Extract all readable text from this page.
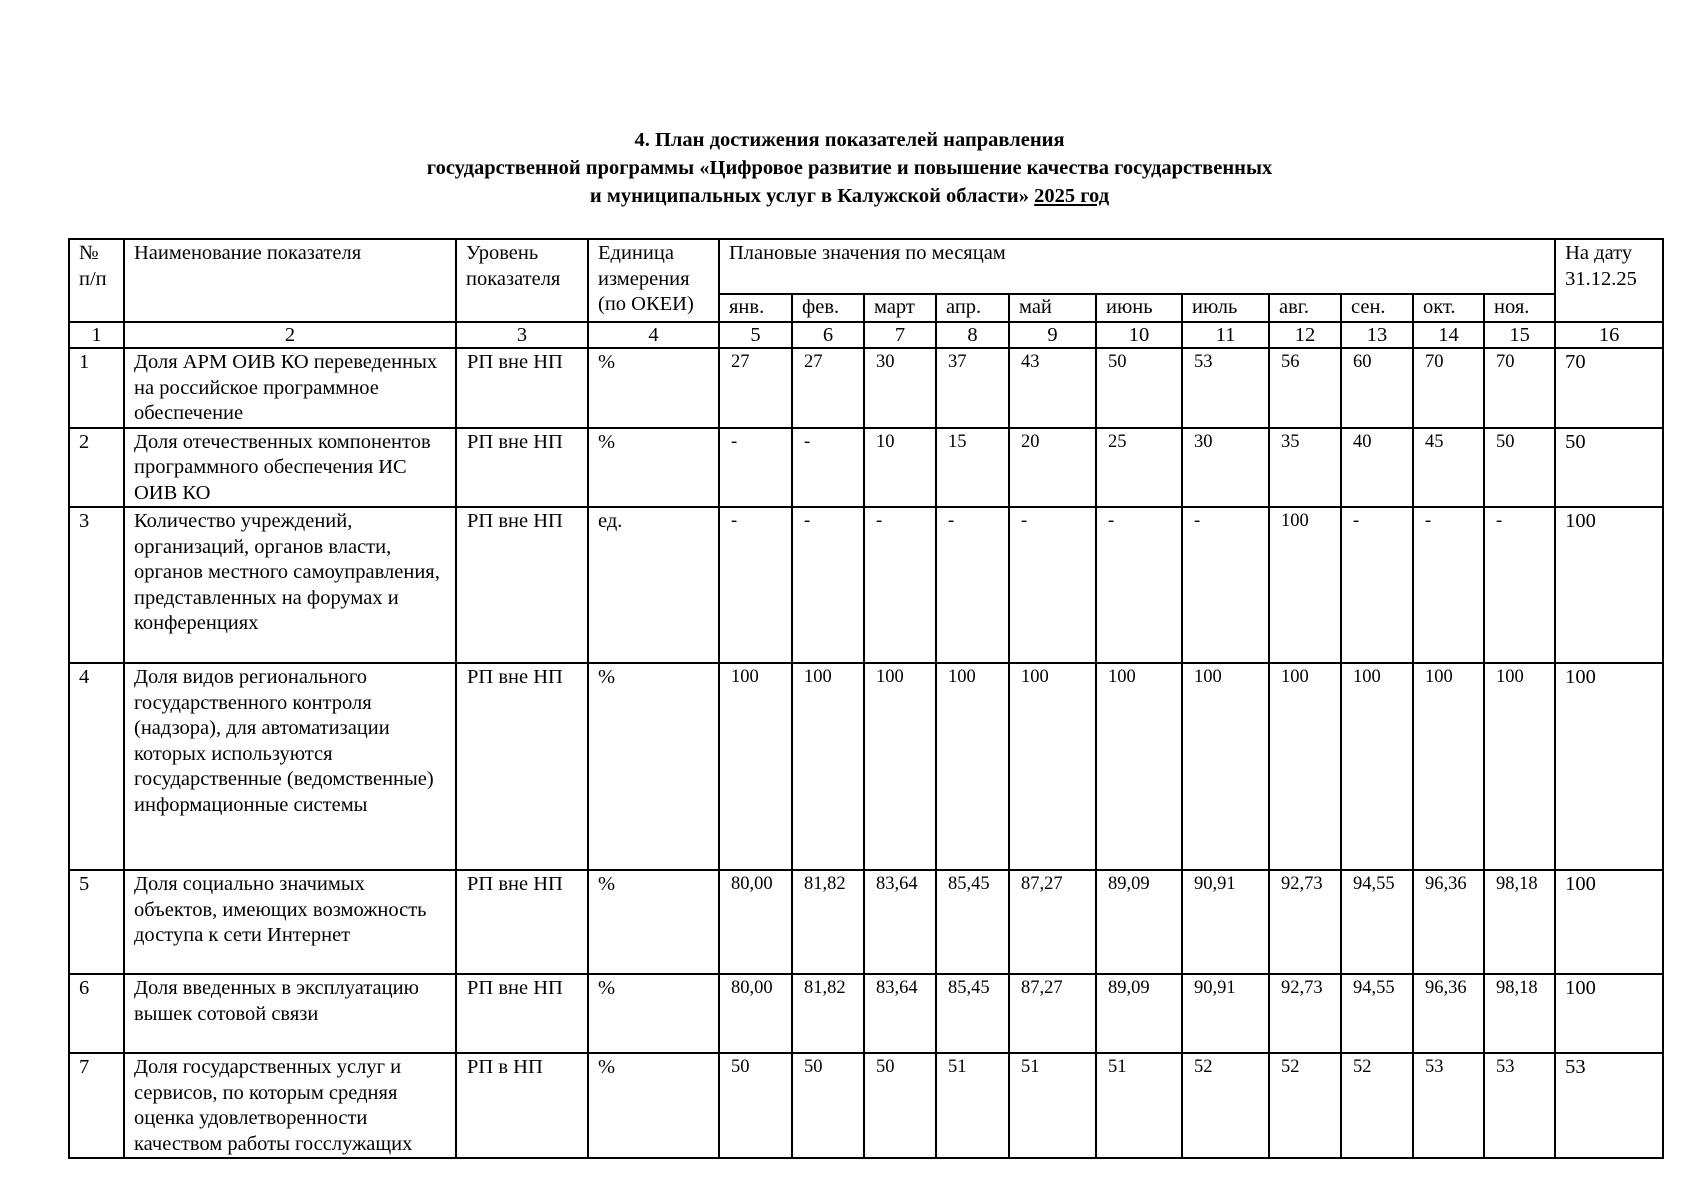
4. План достижения показателей направления
государственной программы «Цифровое развитие и повышение качества государственных
и муниципальных услуг в Калужской области» 2025 год
№ п/п	Наименование показателя	Уровень показателя	Единица измерения (по ОКЕИ)	Плановые значения по месяцам											На дату 31.12.25
				янв.	фев.	март	апр.	май	июнь	июль	авг.	сен.	окт.	ноя.	
1	2	3	4	5	6	7	8	9	10	11	12	13	14	15	16
1	Доля АРМ ОИВ КО переведенных на российское программное обеспечение	РП вне НП	%	27	27	30	37	43	50	53	56	60	70	70	70
2	Доля отечественных компонентов программного обеспечения ИС ОИВ КО	РП вне НП	%	-	-	10	15	20	25	30	35	40	45	50	50
3	Количество учреждений, организаций, органов власти, органов местного самоуправления, представленных на форумах и конференциях	РП вне НП	ед.	-	-	-	-	-	-	-	100	-	-	-	100
4	Доля видов регионального государственного контроля (надзора), для автоматизации которых используются государственные (ведомственные) информационные системы	РП вне НП	%	100	100	100	100	100	100	100	100	100	100	100	100
5	Доля социально значимых объектов, имеющих возможность доступа к сети Интернет	РП вне НП	%	80,00	81,82	83,64	85,45	87,27	89,09	90,91	92,73	94,55	96,36	98,18	100
6	Доля введенных в эксплуатацию вышек сотовой связи	РП вне НП	%	80,00	81,82	83,64	85,45	87,27	89,09	90,91	92,73	94,55	96,36	98,18	100
7	Доля государственных услуг и сервисов, по которым средняя оценка удовлетворенности качеством работы госслужащих	РП в НП	%	50	50	50	51	51	51	52	52	52	53	53	53
